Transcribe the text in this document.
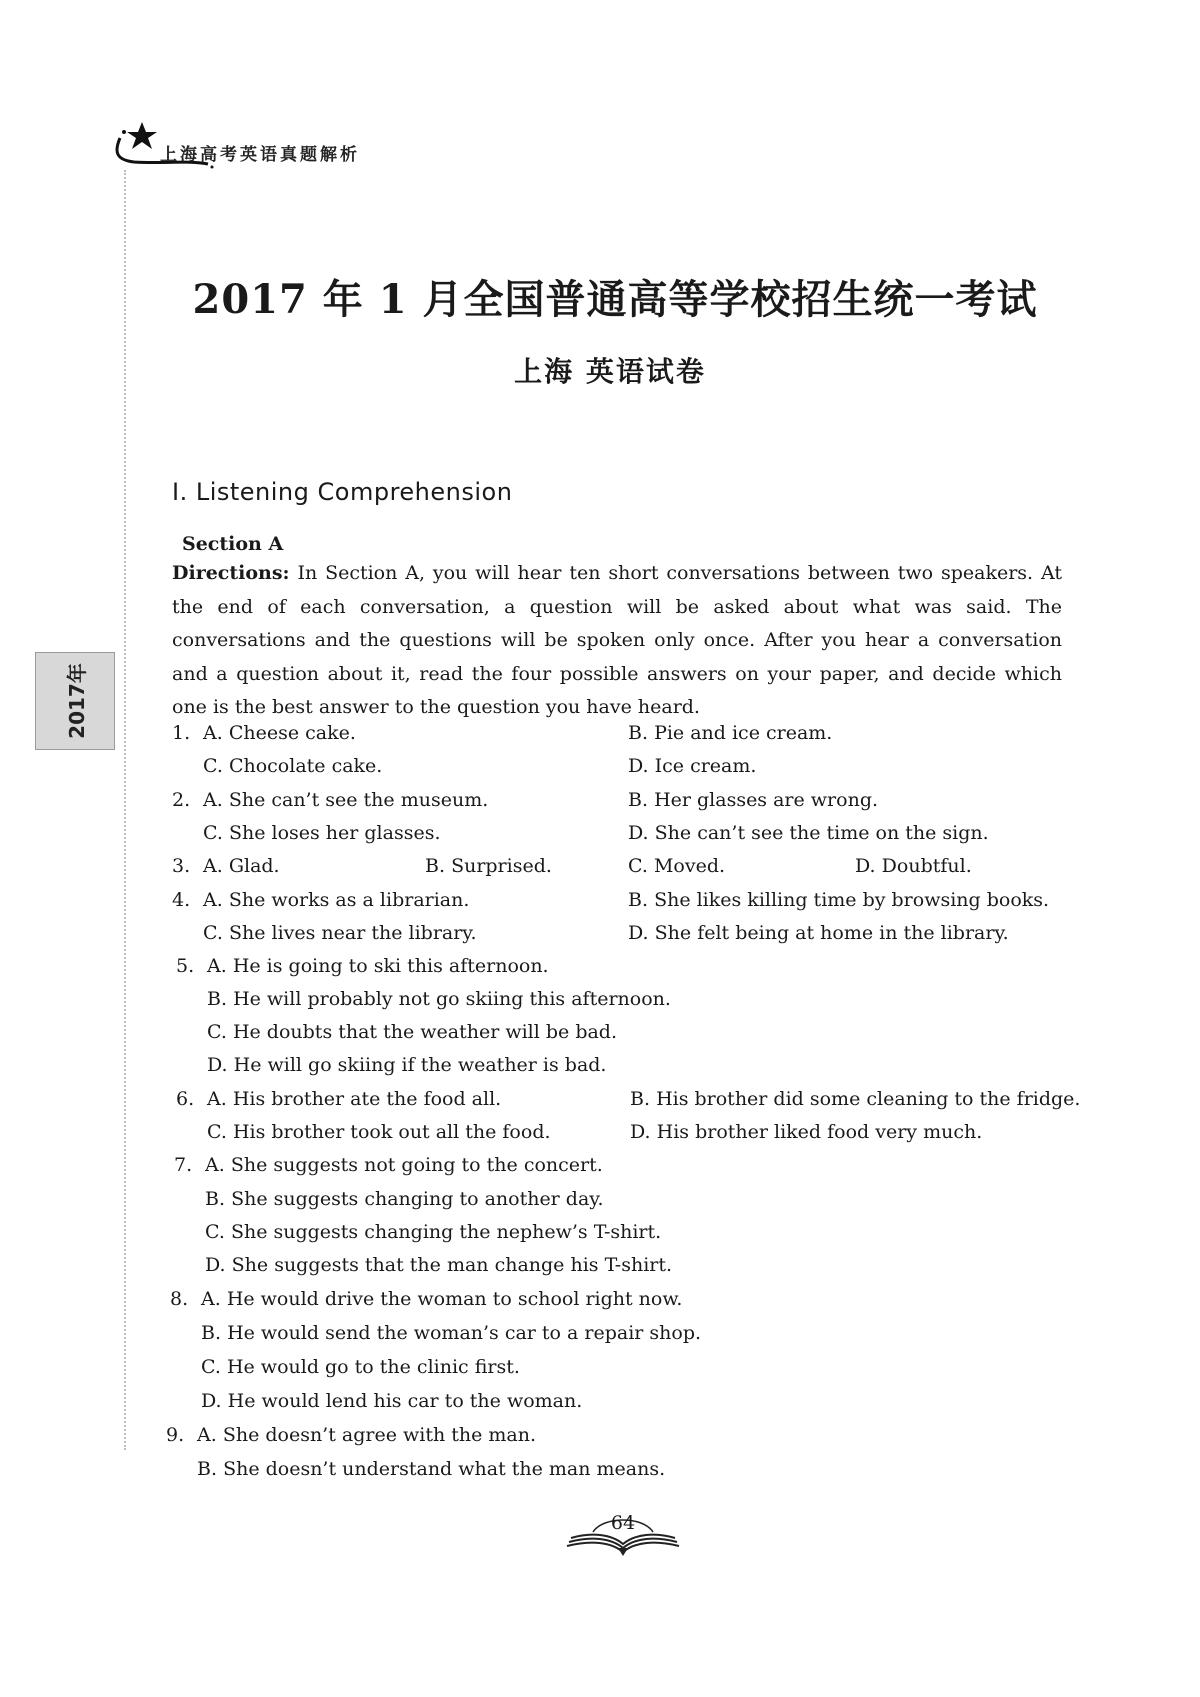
上海高考英语真题解析
2017年
2017 年 1 月全国普通高等学校招生统一考试
上海 英语试卷
I. Listening Comprehension
Section A

Directions: In Section A, you will hear ten short conversations between two speakers. At the end of each conversation, a question will be asked about what was said. The conversations and the questions will be spoken only once. After you hear a conversation and a question about it, read the four possible answers on your paper, and decide which one is the best answer to the question you have heard.

1. A. Cheese cake.	B. Pie and ice cream.
C. Chocolate cake.	D. Ice cream.
2. A. She can’t see the museum.	B. Her glasses are wrong.
C. She loses her glasses.	D. She can’t see the time on the sign.
3. A. Glad.	B. Surprised.	C. Moved.	D. Doubtful.
4. A. She works as a librarian.	B. She likes killing time by browsing books.
C. She lives near the library.	D. She felt being at home in the library.
5. A. He is going to ski this afternoon.
B. He will probably not go skiing this afternoon.
C. He doubts that the weather will be bad.
D. He will go skiing if the weather is bad.
6. A. His brother ate the food all.	B. His brother did some cleaning to the fridge.
C. His brother took out all the food.	D. His brother liked food very much.
7. A. She suggests not going to the concert.
B. She suggests changing to another day.
C. She suggests changing the nephew’s T-shirt.
D. She suggests that the man change his T-shirt.
8. A. He would drive the woman to school right now.
B. He would send the woman’s car to a repair shop.
C. He would go to the clinic first.
D. He would lend his car to the woman.
9. A. She doesn’t agree with the man.
B. She doesn’t understand what the man means.
64
